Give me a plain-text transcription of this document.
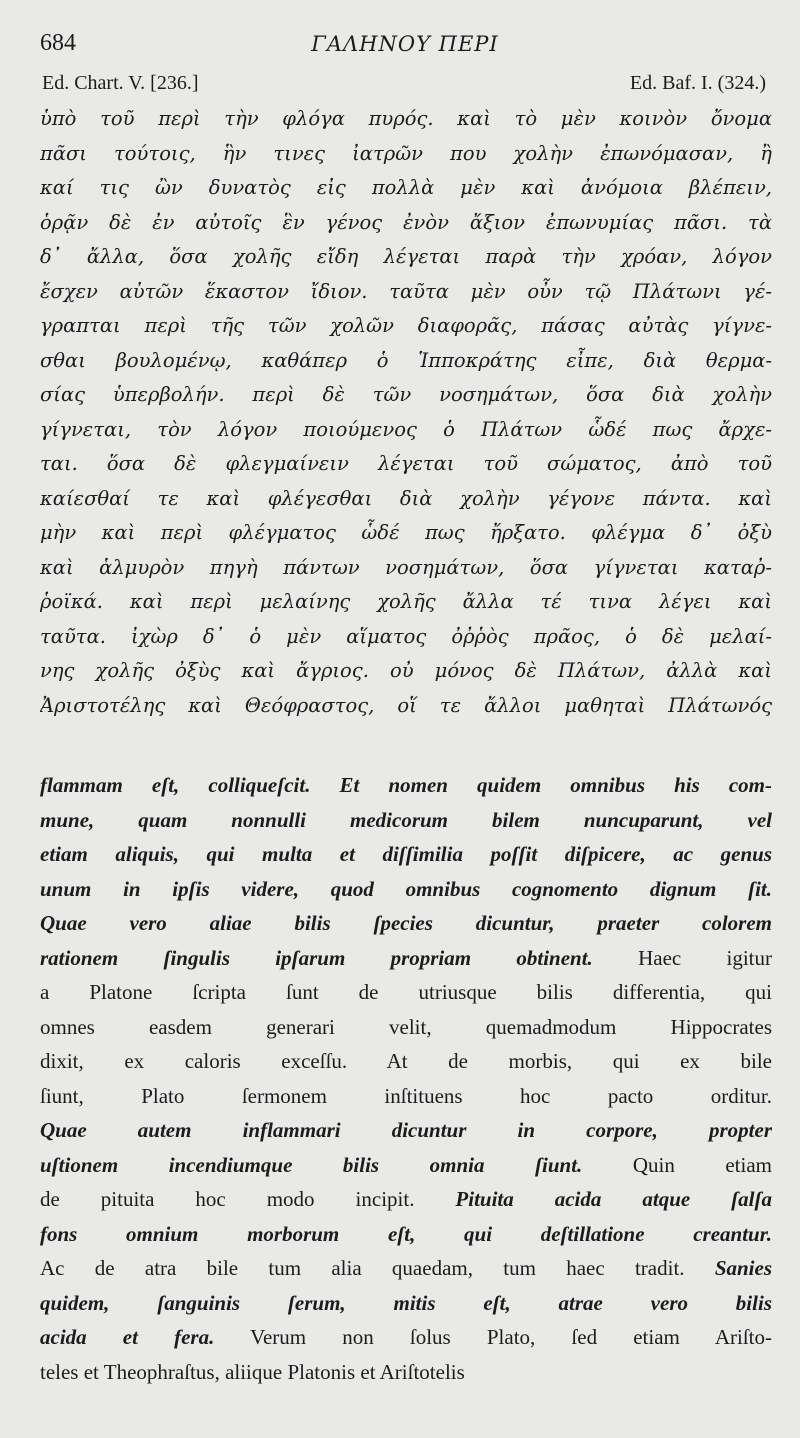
684	ΓΑΛΗΝΟΥ ΠΕΡΙ
Ed. Chart. V. [236.]	Ed. Baf. I. (324.)
ὑπὸ τοῦ περὶ τὴν φλόγα πυρός. καὶ τὸ μὲν κοινὸν ὄνομα
πᾶσι τούτοις, ἣν τινες ἰατρῶν που χολὴν ἐπωνόμασαν, ἢ
καί τις ὢν δυνατὸς εἰς πολλὰ μὲν καὶ ἀνόμοια βλέπειν,
ὁρᾷν δὲ ἐν αὐτοῖς ἓν γένος ἐνὸν ἄξιον ἐπωνυμίας πᾶσι. τὰ
δ᾽ ἄλλα, ὅσα χολῆς εἴδη λέγεται παρὰ τὴν χρόαν, λόγον
ἔσχεν αὐτῶν ἕκαστον ἴδιον. ταῦτα μὲν οὖν τῷ Πλάτωνι γέ-
γραπται περὶ τῆς τῶν χολῶν διαφορᾶς, πάσας αὐτὰς γίγνε-
σθαι βουλομένῳ, καθάπερ ὁ Ἱπποκράτης εἶπε, διὰ θερμα-
σίας ὑπερβολήν. περὶ δὲ τῶν νοσημάτων, ὅσα διὰ χολὴν
γίγνεται, τὸν λόγον ποιούμενος ὁ Πλάτων ὧδέ πως ἄρχε-
ται. ὅσα δὲ φλεγμαίνειν λέγεται τοῦ σώματος, ἀπὸ τοῦ
καίεσθαί τε καὶ φλέγεσθαι διὰ χολὴν γέγονε πάντα. καὶ
μὴν καὶ περὶ φλέγματος ὧδέ πως ἤρξατο. φλέγμα δ᾽ ὀξὺ
καὶ ἁλμυρὸν πηγὴ πάντων νοσημάτων, ὅσα γίγνεται καταῤ-
ῥοϊκά. καὶ περὶ μελαίνης χολῆς ἄλλα τέ τινα λέγει καὶ
ταῦτα. ἰχὼρ δ᾽ ὁ μὲν αἵματος ὀῤῥὸς πρᾶος, ὁ δὲ μελαί-
νης χολῆς ὀξὺς καὶ ἄγριος. οὐ μόνος δὲ Πλάτων, ἀλλὰ καὶ
Ἀριστοτέλης καὶ Θεόφραστος, οἵ τε ἄλλοι μαθηταὶ Πλάτωνός
flammam eſt, colliqueſcit. Et nomen quidem omnibus his com-
mune, quam nonnulli medicorum bilem nuncuparunt, vel
etiam aliquis, qui multa et diſſimilia poſſit diſpicere, ac genus
unum in ipſis videre, quod omnibus cognomento dignum ſit.
Quae vero aliae bilis ſpecies dicuntur, praeter colorem
rationem ſingulis ipſarum propriam obtinent. Haec igitur
a Platone ſcripta ſunt de utriusque bilis differentia, qui
omnes easdem generari velit, quemadmodum Hippocrates
dixit, ex caloris exceſſu. At de morbis, qui ex bile
ſiunt, Plato ſermonem inſtituens hoc pacto orditur.
Quae autem inflammari dicuntur in corpore, propter
uſtionem incendiumque bilis omnia ſiunt. Quin etiam
de pituita hoc modo incipit. Pituita acida atque ſalſa
fons omnium morborum eſt, qui deſtillatione creantur.
Ac de atra bile tum alia quaedam, tum haec tradit. Sanies
quidem, ſanguinis ſerum, mitis eſt, atrae vero bilis
acida et fera. Verum non ſolus Plato, ſed etiam Ariſto-
teles et Theophraſtus, aliique Platonis et Ariſtotelis
